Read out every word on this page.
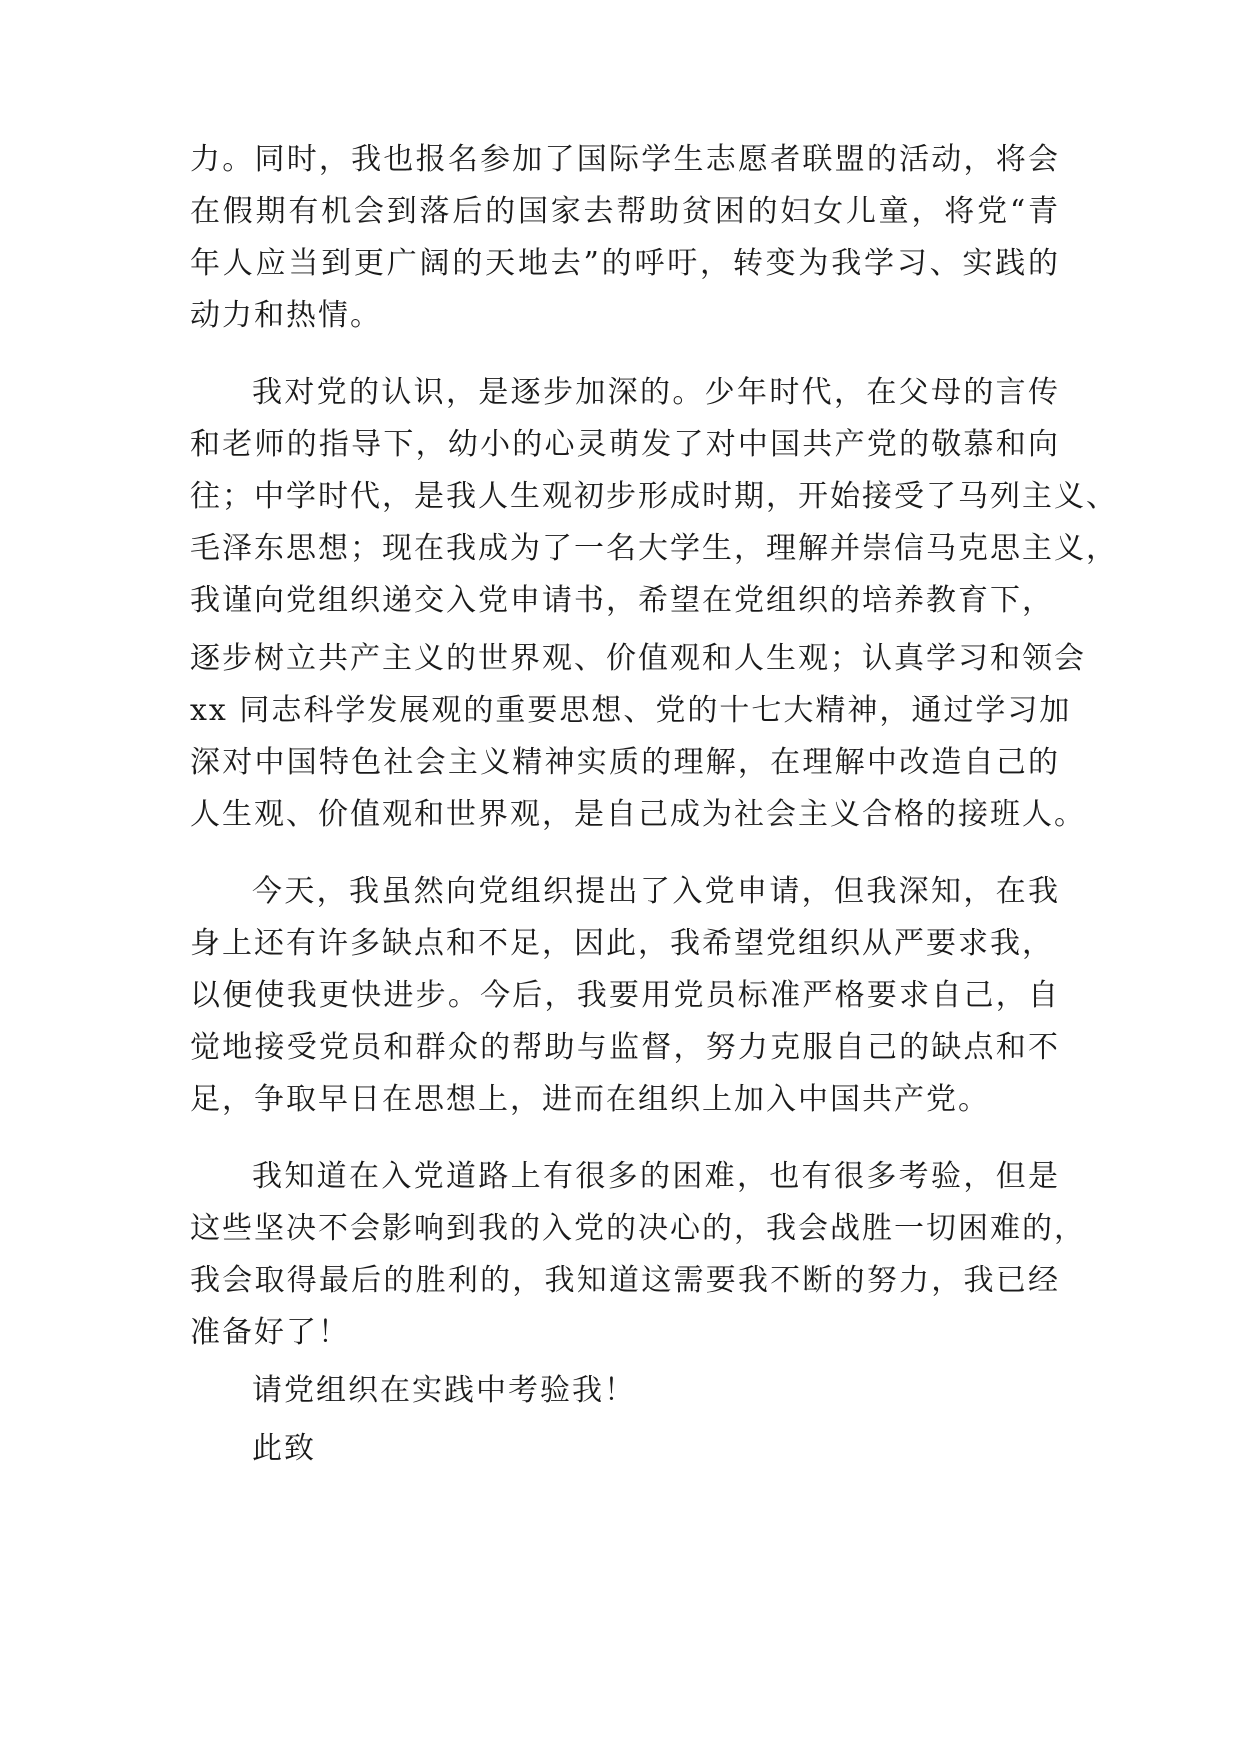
力。同时，我也报名参加了国际学生志愿者联盟的活动，将会
在假期有机会到落后的国家去帮助贫困的妇女儿童，将党“青
年人应当到更广阔的天地去”的呼吁，转变为我学习、实践的
动力和热情。
我对党的认识，是逐步加深的。少年时代，在父母的言传
和老师的指导下，幼小的心灵萌发了对中国共产党的敬慕和向
往；中学时代，是我人生观初步形成时期，开始接受了马列主义、
毛泽东思想；现在我成为了一名大学生，理解并崇信马克思主义，
我谨向党组织递交入党申请书，希望在党组织的培养教育下，
逐步树立共产主义的世界观、价值观和人生观；认真学习和领会
xx 同志科学发展观的重要思想、党的十七大精神，通过学习加
深对中国特色社会主义精神实质的理解，在理解中改造自己的
人生观、价值观和世界观，是自己成为社会主义合格的接班人。
今天，我虽然向党组织提出了入党申请，但我深知，在我
身上还有许多缺点和不足，因此，我希望党组织从严要求我，
以便使我更快进步。今后，我要用党员标准严格要求自己，自
觉地接受党员和群众的帮助与监督，努力克服自己的缺点和不
足，争取早日在思想上，进而在组织上加入中国共产党。
我知道在入党道路上有很多的困难，也有很多考验，但是
这些坚决不会影响到我的入党的决心的，我会战胜一切困难的，
我会取得最后的胜利的，我知道这需要我不断的努力，我已经
准备好了！
请党组织在实践中考验我！
此致
